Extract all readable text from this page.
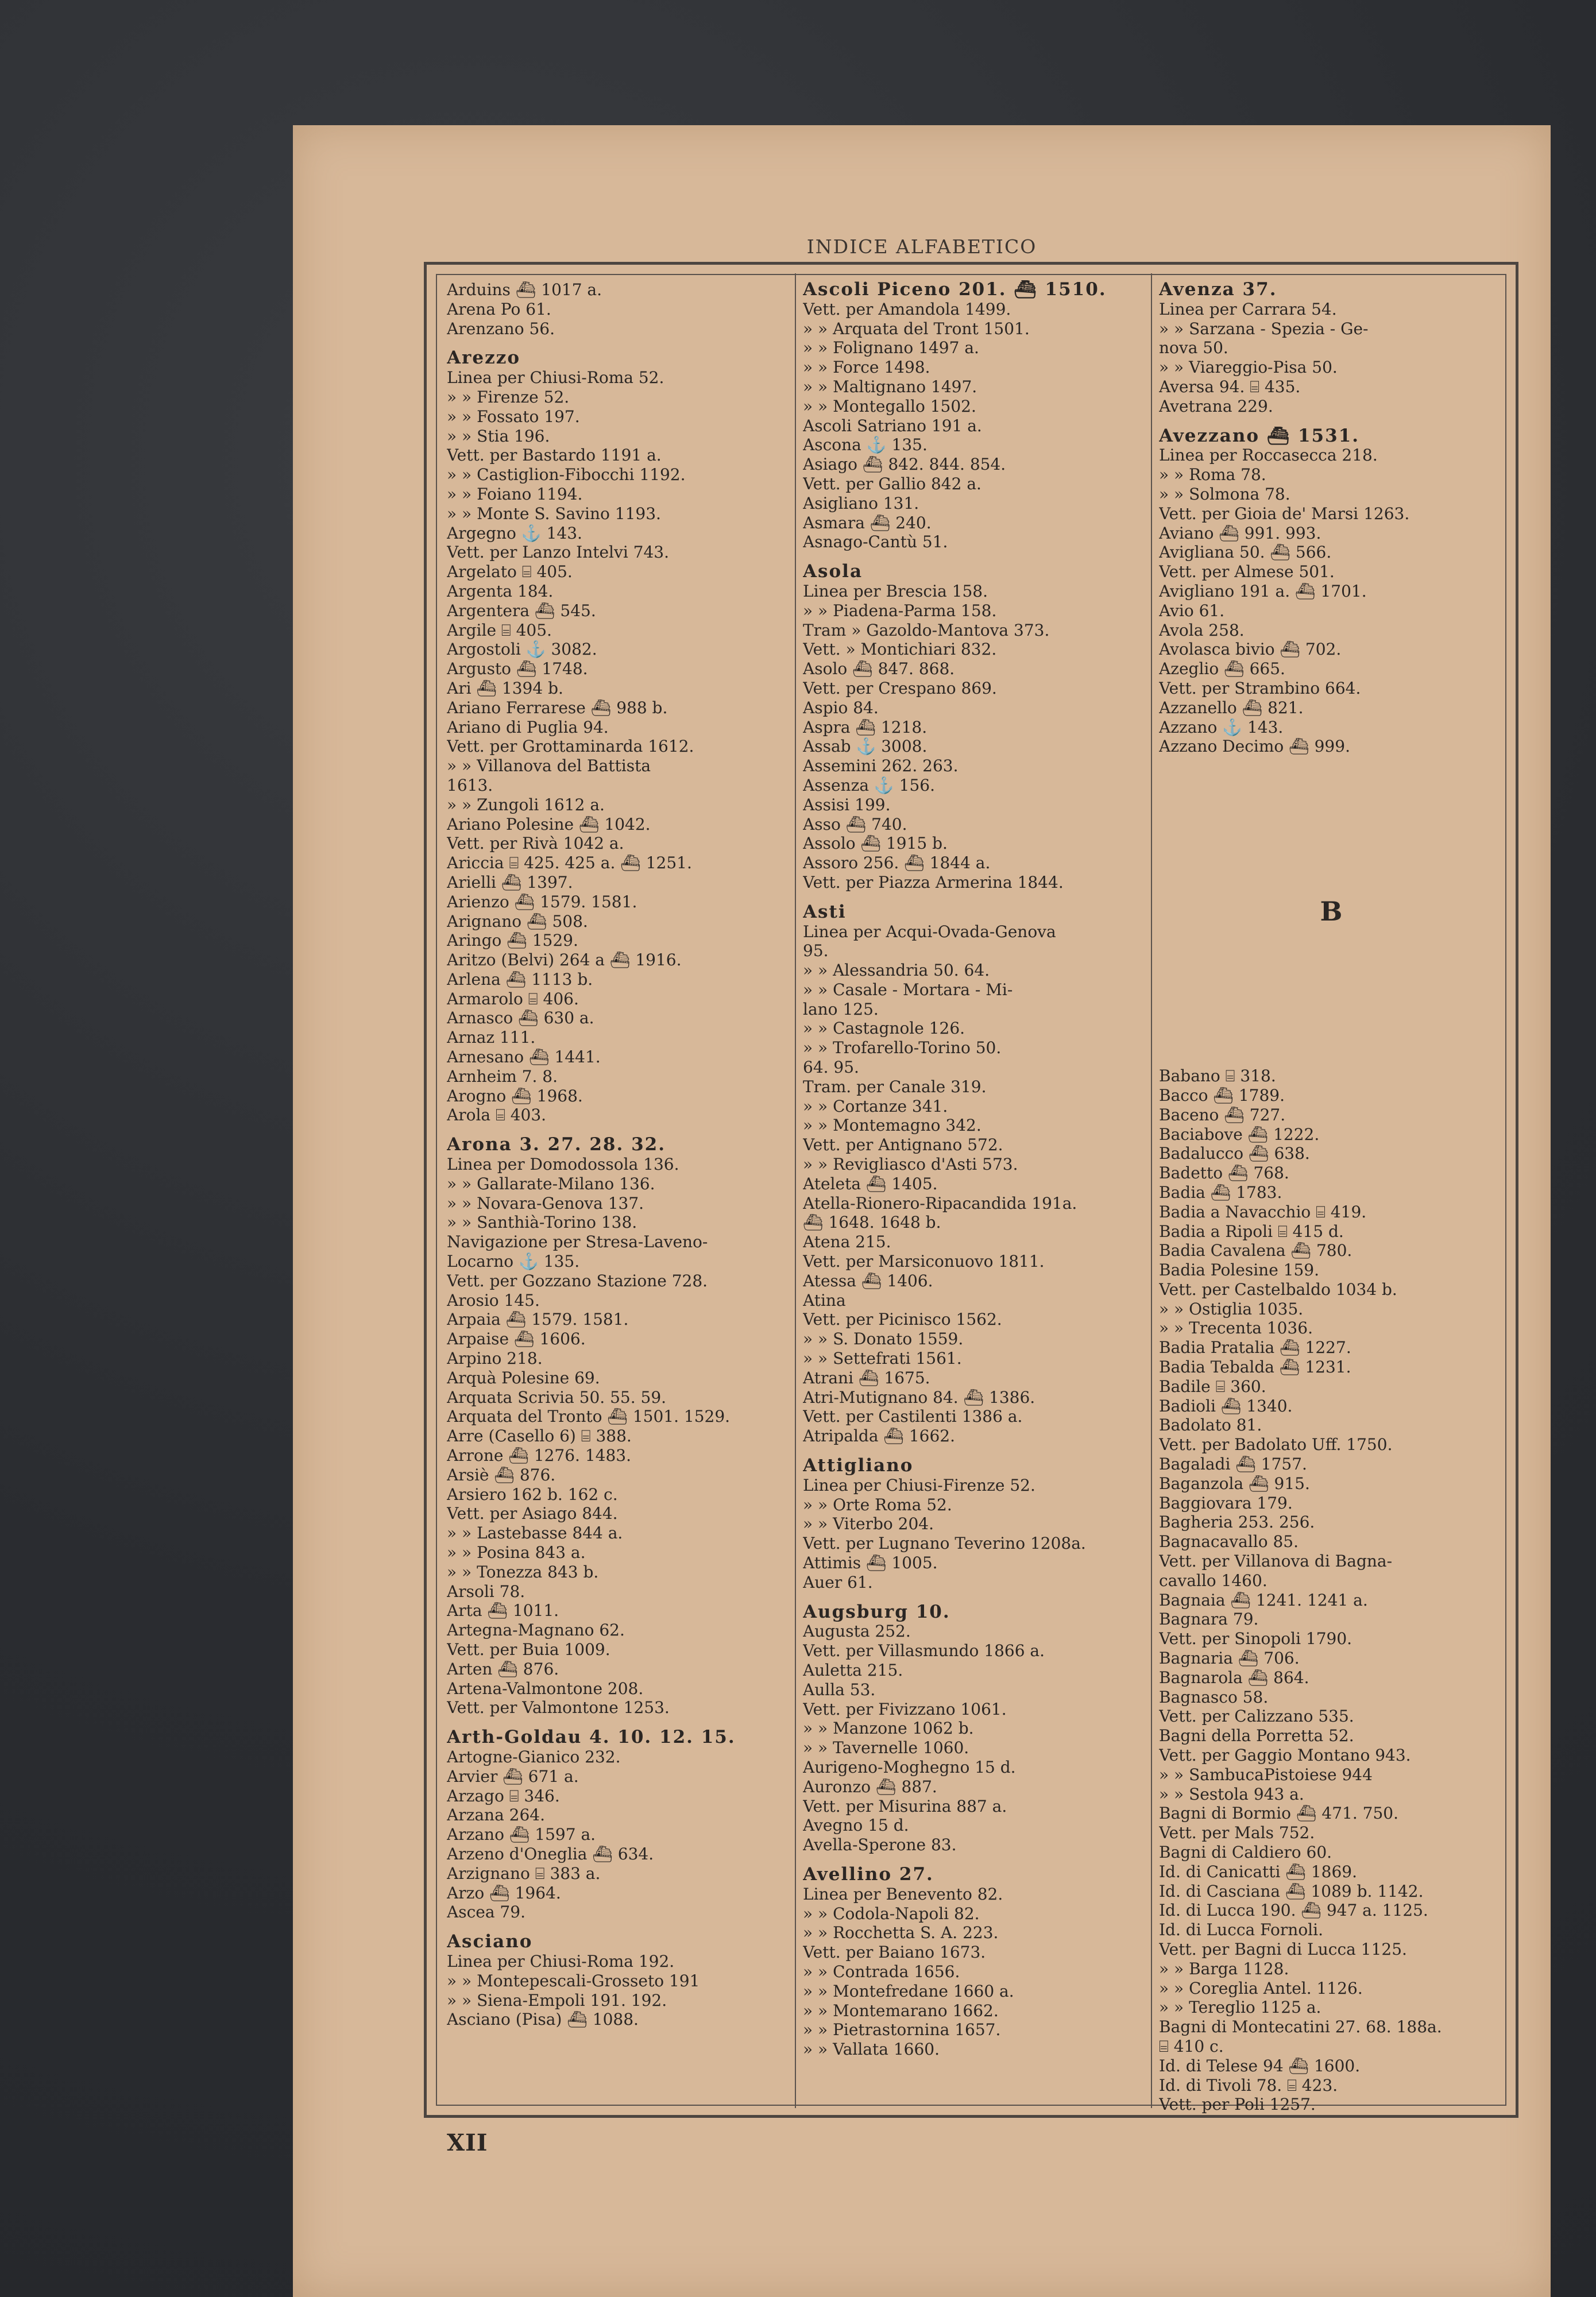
INDICE ALFABETICO
Arduins ⛴ 1017 a.
Arena Po 61.
Arenzano 56.
Arezzo
Linea per Chiusi-Roma 52.
» » Firenze 52.
» » Fossato 197.
» » Stia 196.
Vett. per Bastardo 1191 a.
» » Castiglion-Fibocchi 1192.
» » Foiano 1194.
» » Monte S. Savino 1193.
Argegno ⚓ 143.
Vett. per Lanzo Intelvi 743.
Argelato ⌸ 405.
Argenta 184.
Argentera ⛴ 545.
Argile ⌸ 405.
Argostoli ⚓ 3082.
Argusto ⛴ 1748.
Ari ⛴ 1394 b.
Ariano Ferrarese ⛴ 988 b.
Ariano di Puglia 94.
Vett. per Grottaminarda 1612.
» » Villanova del Battista
1613.
» » Zungoli 1612 a.
Ariano Polesine ⛴ 1042.
Vett. per Rivà 1042 a.
Ariccia ⌸ 425. 425 a. ⛴ 1251.
Arielli ⛴ 1397.
Arienzo ⛴ 1579. 1581.
Arignano ⛴ 508.
Aringo ⛴ 1529.
Aritzo (Belvi) 264 a ⛴ 1916.
Arlena ⛴ 1113 b.
Armarolo ⌸ 406.
Arnasco ⛴ 630 a.
Arnaz 111.
Arnesano ⛴ 1441.
Arnheim 7. 8.
Arogno ⛴ 1968.
Arola ⌸ 403.
Arona 3. 27. 28. 32.
Linea per Domodossola 136.
» » Gallarate-Milano 136.
» » Novara-Genova 137.
» » Santhià-Torino 138.
Navigazione per Stresa-Laveno-
Locarno ⚓ 135.
Vett. per Gozzano Stazione 728.
Arosio 145.
Arpaia ⛴ 1579. 1581.
Arpaise ⛴ 1606.
Arpino 218.
Arquà Polesine 69.
Arquata Scrivia 50. 55. 59.
Arquata del Tronto ⛴ 1501. 1529.
Arre (Casello 6) ⌸ 388.
Arrone ⛴ 1276. 1483.
Arsiè ⛴ 876.
Arsiero 162 b. 162 c.
Vett. per Asiago 844.
» » Lastebasse 844 a.
» » Posina 843 a.
» » Tonezza 843 b.
Arsoli 78.
Arta ⛴ 1011.
Artegna-Magnano 62.
Vett. per Buia 1009.
Arten ⛴ 876.
Artena-Valmontone 208.
Vett. per Valmontone 1253.
Arth-Goldau 4. 10. 12. 15.
Artogne-Gianico 232.
Arvier ⛴ 671 a.
Arzago ⌸ 346.
Arzana 264.
Arzano ⛴ 1597 a.
Arzeno d'Oneglia ⛴ 634.
Arzignano ⌸ 383 a.
Arzo ⛴ 1964.
Ascea 79.
Asciano
Linea per Chiusi-Roma 192.
» » Montepescali-Grosseto 191
» » Siena-Empoli 191. 192.
Asciano (Pisa) ⛴ 1088.
Ascoli Piceno 201. ⛴ 1510.
Vett. per Amandola 1499.
» » Arquata del Tront 1501.
» » Folignano 1497 a.
» » Force 1498.
» » Maltignano 1497.
» » Montegallo 1502.
Ascoli Satriano 191 a.
Ascona ⚓ 135.
Asiago ⛴ 842. 844. 854.
Vett. per Gallio 842 a.
Asigliano 131.
Asmara ⛴ 240.
Asnago-Cantù 51.
Asola
Linea per Brescia 158.
» » Piadena-Parma 158.
Tram » Gazoldo-Mantova 373.
Vett. » Montichiari 832.
Asolo ⛴ 847. 868.
Vett. per Crespano 869.
Aspio 84.
Aspra ⛴ 1218.
Assab ⚓ 3008.
Assemini 262. 263.
Assenza ⚓ 156.
Assisi 199.
Asso ⛴ 740.
Assolo ⛴ 1915 b.
Assoro 256. ⛴ 1844 a.
Vett. per Piazza Armerina 1844.
Asti
Linea per Acqui-Ovada-Genova
95.
» » Alessandria 50. 64.
» » Casale - Mortara - Mi-
lano 125.
» » Castagnole 126.
» » Trofarello-Torino 50.
64. 95.
Tram. per Canale 319.
» » Cortanze 341.
» » Montemagno 342.
Vett. per Antignano 572.
» » Revigliasco d'Asti 573.
Ateleta ⛴ 1405.
Atella-Rionero-Ripacandida 191a.
⛴ 1648. 1648 b.
Atena 215.
Vett. per Marsiconuovo 1811.
Atessa ⛴ 1406.
Atina
Vett. per Picinisco 1562.
» » S. Donato 1559.
» » Settefrati 1561.
Atrani ⛴ 1675.
Atri-Mutignano 84. ⛴ 1386.
Vett. per Castilenti 1386 a.
Atripalda ⛴ 1662.
Attigliano
Linea per Chiusi-Firenze 52.
» » Orte Roma 52.
» » Viterbo 204.
Vett. per Lugnano Teverino 1208a.
Attimis ⛴ 1005.
Auer 61.
Augsburg 10.
Augusta 252.
Vett. per Villasmundo 1866 a.
Auletta 215.
Aulla 53.
Vett. per Fivizzano 1061.
» » Manzone 1062 b.
» » Tavernelle 1060.
Aurigeno-Moghegno 15 d.
Auronzo ⛴ 887.
Vett. per Misurina 887 a.
Avegno 15 d.
Avella-Sperone 83.
Avellino 27.
Linea per Benevento 82.
» » Codola-Napoli 82.
» » Rocchetta S. A. 223.
Vett. per Baiano 1673.
» » Contrada 1656.
» » Montefredane 1660 a.
» » Montemarano 1662.
» » Pietrastornina 1657.
» » Vallata 1660.
Avenza 37.
Linea per Carrara 54.
» » Sarzana - Spezia - Ge-
nova 50.
» » Viareggio-Pisa 50.
Aversa 94. ⌸ 435.
Avetrana 229.
Avezzano ⛴ 1531.
Linea per Roccasecca 218.
» » Roma 78.
» » Solmona 78.
Vett. per Gioia de' Marsi 1263.
Aviano ⛴ 991. 993.
Avigliana 50. ⛴ 566.
Vett. per Almese 501.
Avigliano 191 a. ⛴ 1701.
Avio 61.
Avola 258.
Avolasca bivio ⛴ 702.
Azeglio ⛴ 665.
Vett. per Strambino 664.
Azzanello ⛴ 821.
Azzano ⚓ 143.
Azzano Decimo ⛴ 999.
B
Babano ⌸ 318.
Bacco ⛴ 1789.
Baceno ⛴ 727.
Baciabove ⛴ 1222.
Badalucco ⛴ 638.
Badetto ⛴ 768.
Badia ⛴ 1783.
Badia a Navacchio ⌸ 419.
Badia a Ripoli ⌸ 415 d.
Badia Cavalena ⛴ 780.
Badia Polesine 159.
Vett. per Castelbaldo 1034 b.
» » Ostiglia 1035.
» » Trecenta 1036.
Badia Pratalia ⛴ 1227.
Badia Tebalda ⛴ 1231.
Badile ⌸ 360.
Badioli ⛴ 1340.
Badolato 81.
Vett. per Badolato Uff. 1750.
Bagaladi ⛴ 1757.
Baganzola ⛴ 915.
Baggiovara 179.
Bagheria 253. 256.
Bagnacavallo 85.
Vett. per Villanova di Bagna-
cavallo 1460.
Bagnaia ⛴ 1241. 1241 a.
Bagnara 79.
Vett. per Sinopoli 1790.
Bagnaria ⛴ 706.
Bagnarola ⛴ 864.
Bagnasco 58.
Vett. per Calizzano 535.
Bagni della Porretta 52.
Vett. per Gaggio Montano 943.
» » SambucaPistoiese 944
» » Sestola 943 a.
Bagni di Bormio ⛴ 471. 750.
Vett. per Mals 752.
Bagni di Caldiero 60.
Id. di Canicatti ⛴ 1869.
Id. di Casciana ⛴ 1089 b. 1142.
Id. di Lucca 190. ⛴ 947 a. 1125.
Id. di Lucca Fornoli.
Vett. per Bagni di Lucca 1125.
» » Barga 1128.
» » Coreglia Antel. 1126.
» » Tereglio 1125 a.
Bagni di Montecatini 27. 68. 188a.
⌸ 410 c.
Id. di Telese 94 ⛴ 1600.
Id. di Tivoli 78. ⌸ 423.
Vett. per Poli 1257.
XII
